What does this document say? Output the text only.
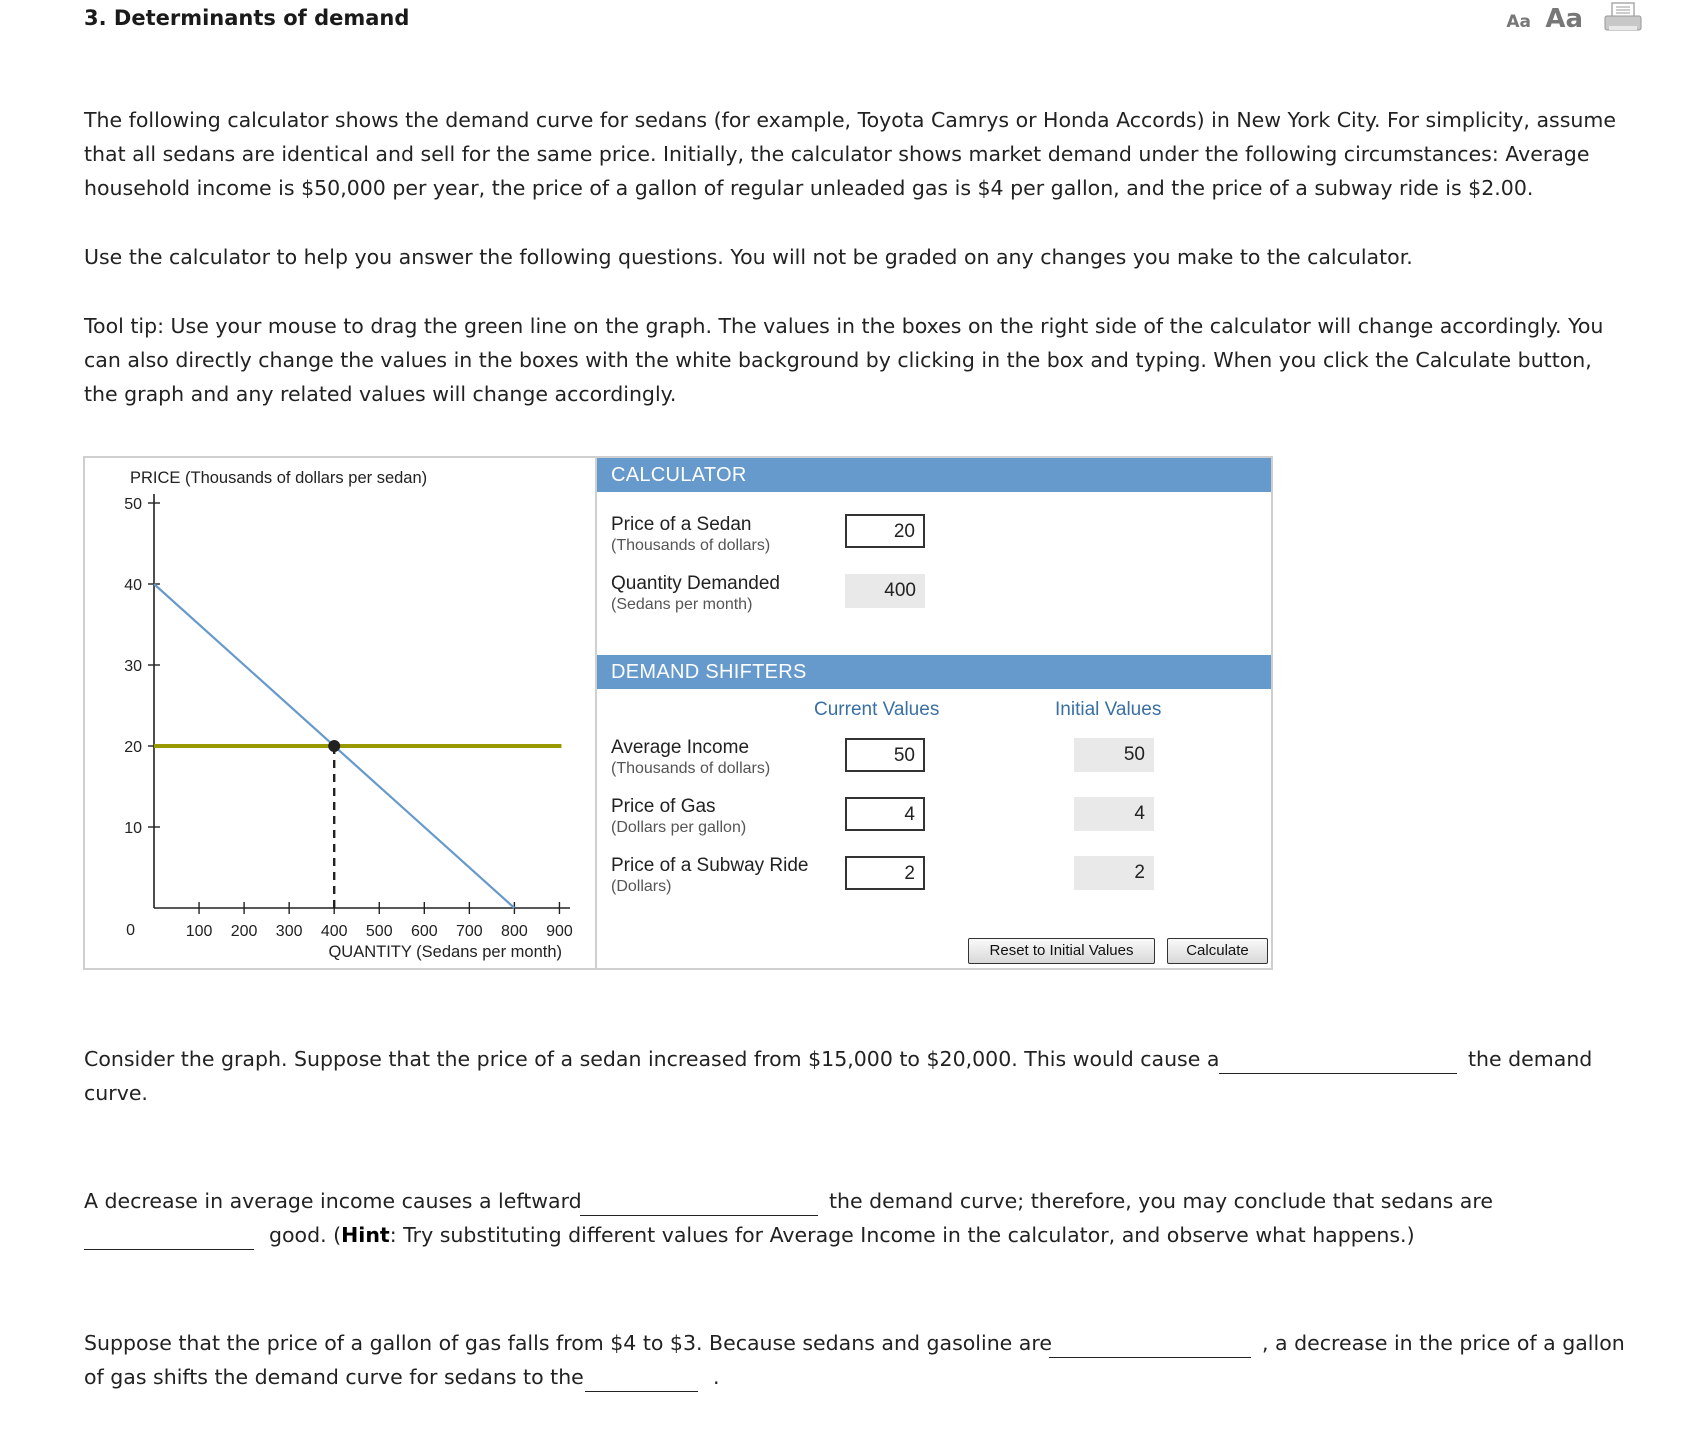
3. Determinants of demand	Aa Aa
The following calculator shows the demand curve for sedans (for example, Toyota Camrys or Honda Accords) in New York City. For simplicity, assume that all sedans are identical and sell for the same price. Initially, the calculator shows market demand under the following circumstances: Average household income is $50,000 per year, the price of a gallon of regular unleaded gas is $4 per gallon, and the price of a subway ride is $2.00.
Use the calculator to help you answer the following questions. You will not be graded on any changes you make to the calculator.
Tool tip: Use your mouse to drag the green line on the graph. The values in the boxes on the right side of the calculator will change accordingly. You can also directly change the values in the boxes with the white background by clicking in the box and typing. When you click the Calculate button, the graph and any related values will change accordingly.
PRICE (Thousands of dollars per sedan)
QUANTITY (Sedans per month)
0
50
40
30
20
10
100 200 300 400 500 600 700 800 900
CALCULATOR
Price of a Sedan
(Thousands of dollars)
20
Quantity Demanded
(Sedans per month)
400
DEMAND SHIFTERS
Current Values	Initial Values
Average Income
(Thousands of dollars)
50	50
Price of Gas
(Dollars per gallon)
4	4
Price of a Subway Ride
(Dollars)
2	2
Reset to Initial Values	Calculate
Consider the graph. Suppose that the price of a sedan increased from $15,000 to $20,000. This would cause a	the demand
curve.
A decrease in average income causes a leftward	the demand curve; therefore, you may conclude that sedans are
good. (Hint: Try substituting different values for Average Income in the calculator, and observe what happens.)
Suppose that the price of a gallon of gas falls from $4 to $3. Because sedans and gasoline are	, a decrease in the price of a gallon
of gas shifts the demand curve for sedans to the	.
